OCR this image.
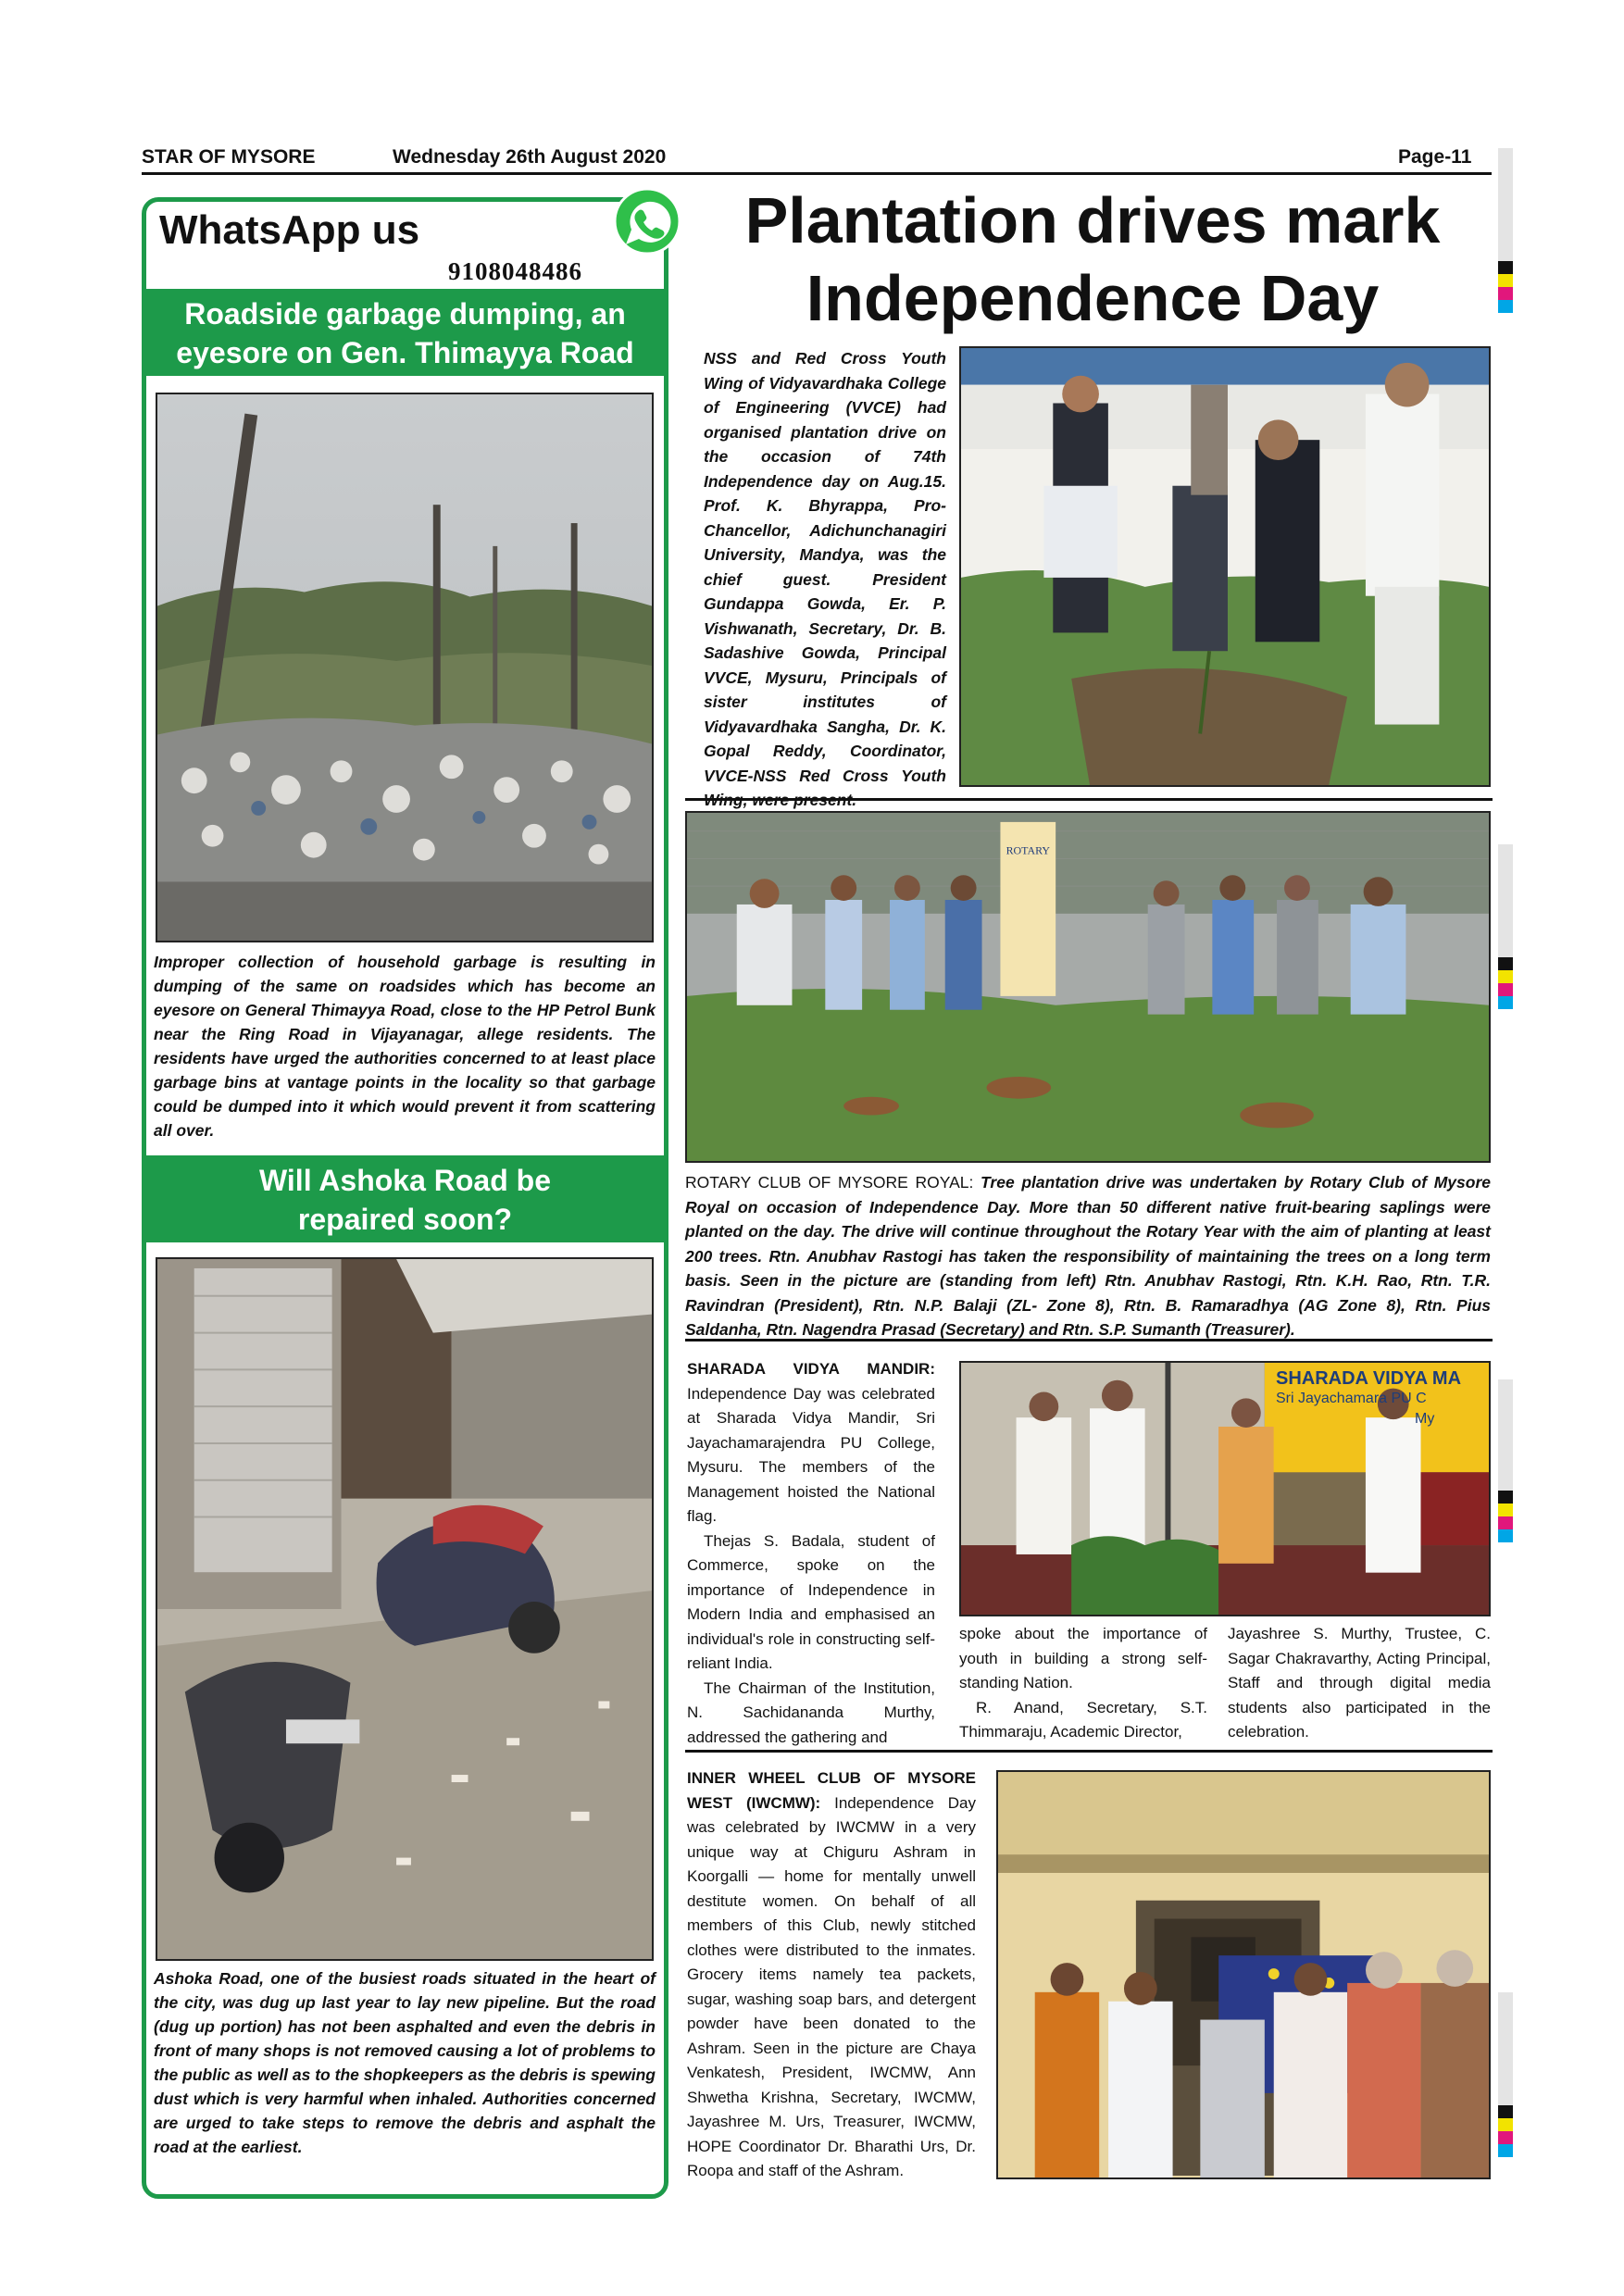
STAR OF MYSORE	Wednesday 26th August 2020	Page-11
WhatsApp us
9108048486
Roadside garbage dumping, an eyesore on Gen. Thimayya Road
Improper collection of household garbage is resulting in dumping of the same on roadsides which has become an eyesore on General Thimayya Road, close to the HP Petrol Bunk near the Ring Road in Vijayanagar, allege residents. The residents have urged the authorities concerned to at least place garbage bins at vantage points in the locality so that garbage could be dumped into it which would prevent it from scattering all over.
Will Ashoka Road be repaired soon?
Ashoka Road, one of the busiest roads situated in the heart of the city, was dug up last year to lay new pipeline. But the road (dug up portion) has not been asphalted and even the debris in front of many shops is not removed causing a lot of problems to the public as well as to the shopkeepers as the debris is spewing dust which is very harmful when inhaled. Authorities concerned are urged to take steps to remove the debris and asphalt the road at the earliest.
Plantation drives mark
Independence Day
NSS and Red Cross Youth Wing of Vidyavardhaka College of Engineering (VVCE) had organised plantation drive on the occasion of 74th Independence day on Aug.15. Prof. K. Bhyrappa, Pro-Chancellor, Adichunchanagiri University, Mandya, was the chief guest. President Gundappa Gowda, Er. P. Vishwanath, Secretary, Dr. B. Sadashive Gowda, Principal VVCE, Mysuru, Principals of sister institutes of Vidyavardhaka Sangha, Dr. K. Gopal Reddy, Coordinator, VVCE-NSS Red Cross Youth
ROTARY
ROTARY CLUB OF MYSORE ROYAL: Tree plantation drive was undertaken by Rotary Club of Mysore Royal on occasion of Independence Day. More than 50 different native fruit-bearing saplings were planted on the day. The drive will continue throughout the Rotary Year with the aim of planting at least 200 trees. Rtn. Anubhav Rastogi has taken the responsibility of maintaining the trees on a long term basis. Seen in the picture are (standing from left) Rtn. Anubhav Rastogi, Rtn. K.H. Rao, Rtn. T.R. Ravindran (President), Rtn. N.P. Balaji (ZL- Zone 8), Rtn. B. Ramaradhya (AG Zone 8), Rtn. Pius Saldanha, Rtn. Nagendra Prasad (Secretary) and Rtn. S.P. Sumanth (Treasurer).

SHARADA VIDYA MANDIR: Independence Day was celebrated at Sharada Vidya Mandir, Sri Jayachamarajendra PU College, Mysuru. The members of the Management hoisted the National flag.

Thejas S. Badala, student of Commerce, spoke on the importance of Independence in Modern India and emphasised an individual's role in constructing self-reliant India.

The Chairman of the Institution, N. Sachidananda Murthy, addressed the gathering and

SHARADA VIDYA MA
Sri Jayachamara PU C
My

spoke about the importance of youth in building a strong self-standing Nation.

R. Anand, Secretary, S.T. Thimmaraju, Academic Director,

Jayashree S. Murthy, Trustee, C. Sagar Chakravarthy, Acting Principal, Staff and through digital media students also participated in the celebration.

INNER WHEEL CLUB OF MYSORE WEST (IWCMW): Independence Day was celebrated by IWCMW in a very unique way at Chiguru Ashram in Koorgalli — home for mentally unwell destitute women. On behalf of all members of this Club, newly stitched clothes were distributed to the inmates. Grocery items namely tea packets, sugar, washing soap bars, and detergent powder have been donated to the Ashram. Seen in the picture are Chaya Venkatesh, President, IWCMW, Ann Shwetha Krishna, Secretary, IWCMW, Jayashree M. Urs, Treasurer, IWCMW, HOPE Coordinator Dr. Bharathi Urs, Dr. Roopa and staff of the Ashram.
